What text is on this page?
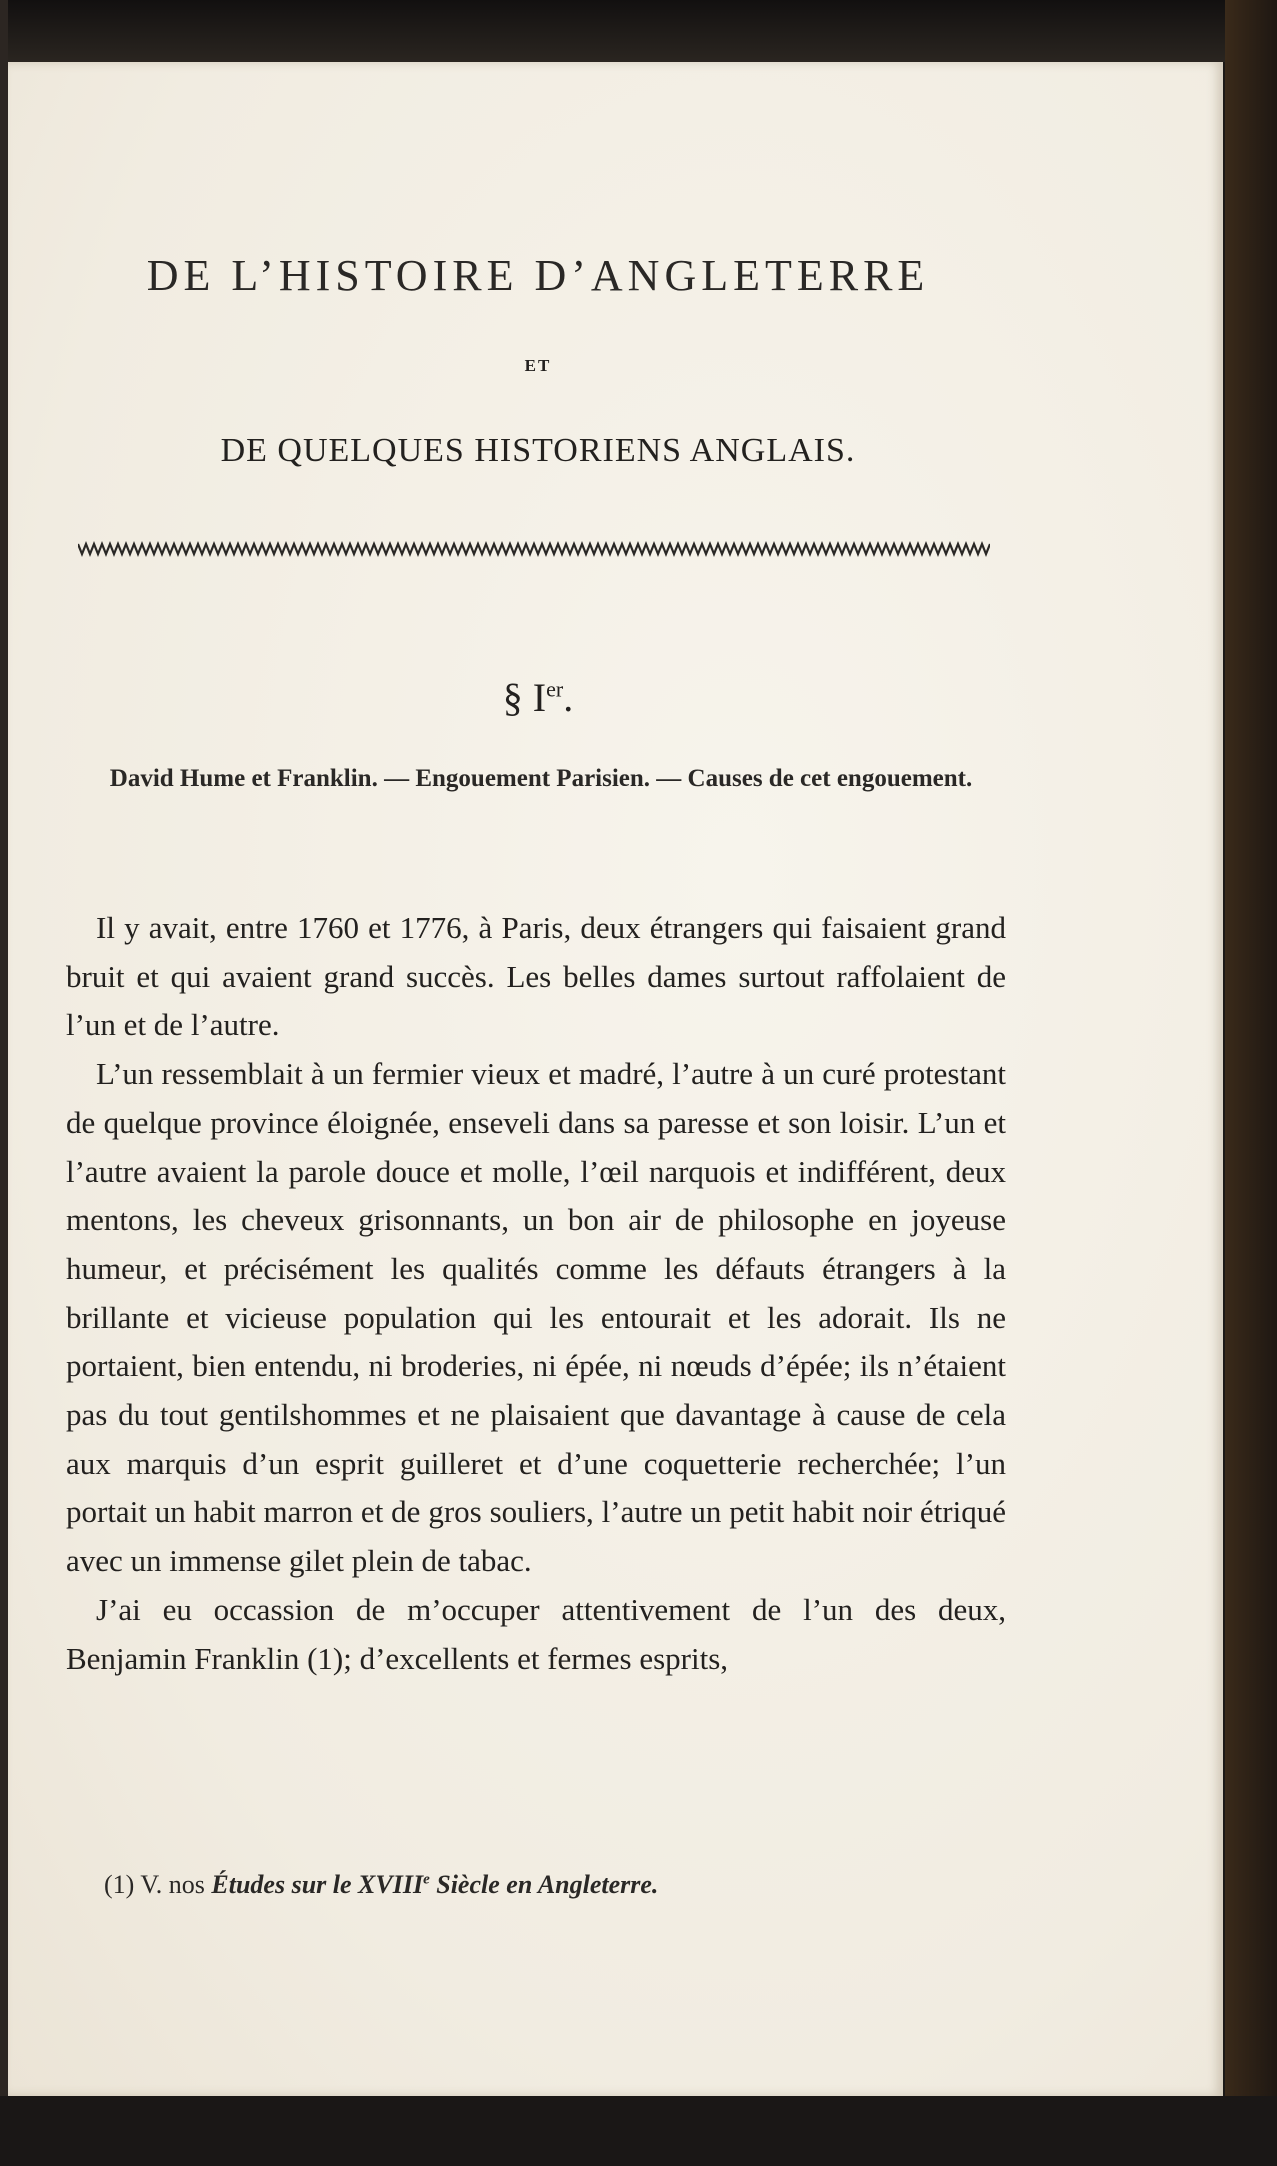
DE L’HISTOIRE D’ANGLETERRE
ET
DE QUELQUES HISTORIENS ANGLAIS.
§ Ier.
David Hume et Franklin. — Engouement Parisien. — Causes de cet engouement.

Il y avait, entre 1760 et 1776, à Paris, deux étrangers qui faisaient grand bruit et qui avaient grand succès. Les belles dames surtout raffolaient de l’un et de l’autre.

L’un ressemblait à un fermier vieux et madré, l’autre à un curé protestant de quelque province éloignée, enseveli dans sa paresse et son loisir. L’un et l’autre avaient la parole douce et molle, l’œil narquois et indifférent, deux mentons, les cheveux grisonnants, un bon air de philosophe en joyeuse humeur, et précisément les qualités comme les défauts étrangers à la brillante et vicieuse population qui les entourait et les adorait. Ils ne portaient, bien entendu, ni broderies, ni épée, ni nœuds d’épée; ils n’étaient pas du tout gentilshommes et ne plaisaient que davantage à cause de cela aux marquis d’un esprit guilleret et d’une coquetterie recherchée; l’un portait un habit marron et de gros souliers, l’autre un petit habit noir étriqué avec un immense gilet plein de tabac.

J’ai eu occassion de m’occuper attentivement de l’un des deux, Benjamin Franklin (1); d’excellents et fermes esprits,

(1) V. nos Études sur le XVIIIe Siècle en Angleterre.
